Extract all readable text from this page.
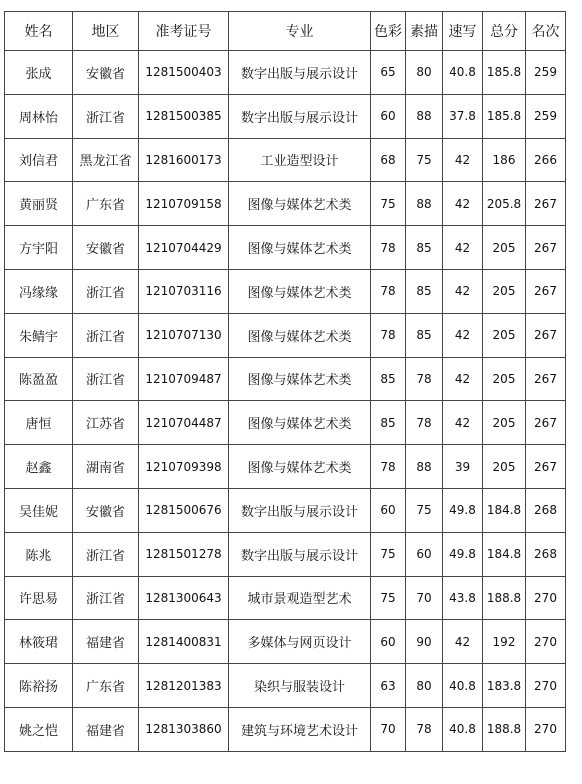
姓名	地区	准考证号	专业	色彩	素描	速写	总分	名次
张成	安徽省	1281500403	数字出版与展示设计	65	80	40.8	185.8	259
周林怡	浙江省	1281500385	数字出版与展示设计	60	88	37.8	185.8	259
刘信君	黑龙江省	1281600173	工业造型设计	68	75	42	186	266
黄丽贤	广东省	1210709158	图像与媒体艺术类	75	88	42	205.8	267
方宇阳	安徽省	1210704429	图像与媒体艺术类	78	85	42	205	267
冯缘缘	浙江省	1210703116	图像与媒体艺术类	78	85	42	205	267
朱鲭宇	浙江省	1210707130	图像与媒体艺术类	78	85	42	205	267
陈盈盈	浙江省	1210709487	图像与媒体艺术类	85	78	42	205	267
唐恒	江苏省	1210704487	图像与媒体艺术类	85	78	42	205	267
赵鑫	湖南省	1210709398	图像与媒体艺术类	78	88	39	205	267
吴佳妮	安徽省	1281500676	数字出版与展示设计	60	75	49.8	184.8	268
陈兆	浙江省	1281501278	数字出版与展示设计	75	60	49.8	184.8	268
许思易	浙江省	1281300643	城市景观造型艺术	75	70	43.8	188.8	270
林筱珺	福建省	1281400831	多媒体与网页设计	60	90	42	192	270
陈裕扬	广东省	1281201383	染织与服装设计	63	80	40.8	183.8	270
姚之恺	福建省	1281303860	建筑与环境艺术设计	70	78	40.8	188.8	270
